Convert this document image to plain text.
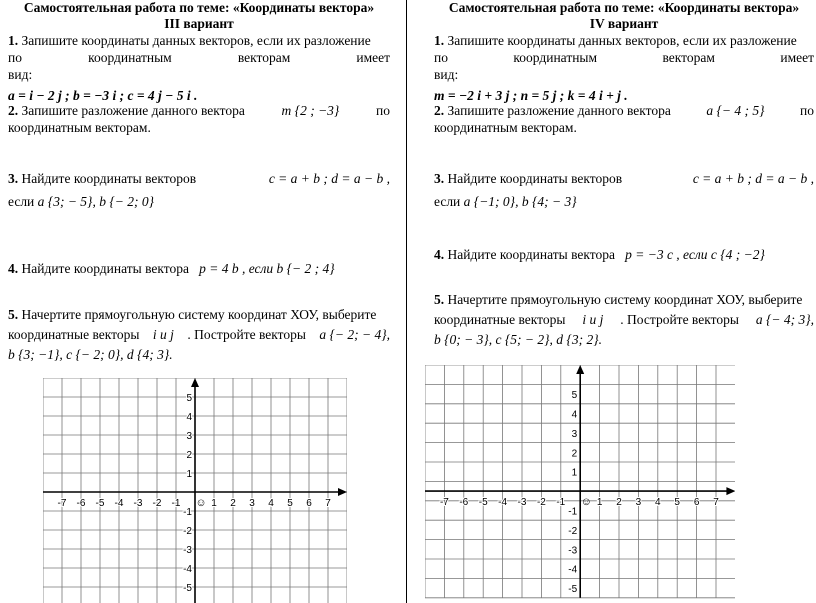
Самостоятельная работа по теме: «Координаты вектора»
III вариант
1. Запишите координаты данных векторов, если их разложение
по координатным векторам имеет вид:
a = i − 2 j ; b = −3 i ; c = 4 j − 5 i .
2. Запишите разложение данного вектора	m {2 ; −3}	по
координатным векторам.
3. Найдите координаты векторов	c = a + b ; d = a − b ,
если a {3; − 5}, b {− 2; 0}
4. Найдите координаты вектора p = 4 b , если b {− 2 ; 4}
5. Начертите прямоугольную систему координат ХОУ, выберите
координатные векторы i и j . Постройте векторы a {− 2; − 4},
b {3; −1}, c {− 2; 0}, d {4; 3}.
Самостоятельная работа по теме: «Координаты вектора»
IV вариант
1. Запишите координаты данных векторов, если их разложение
по координатным векторам имеет вид:
m = −2 i + 3 j ; n = 5 j ; k = 4 i + j .
2. Запишите разложение данного вектора	a {− 4 ; 5}	по
координатным векторам.
3. Найдите координаты векторов	c = a + b ; d = a − b ,
если a {−1; 0}, b {4; − 3}
4. Найдите координаты вектора p = −3 c , если c {4 ; −2}
5. Начертите прямоугольную систему координат ХОУ, выберите
координатные векторы i и j . Постройте векторы a {− 4; 3},
b {0; − 3}, c {5; − 2}, d {3; 2}.
-7 -6 -5 -4 -3 -2 -1	1 2 3 4 5 6 7
5
4
3
2
1
-1
-2
-3
-4
-5
☺	-7 -6 -5 -4 -3 -2 -1	1 2 3 4 5 6 7
5
4
3
2
1
-1
-2
-3
-4
-5
☺
